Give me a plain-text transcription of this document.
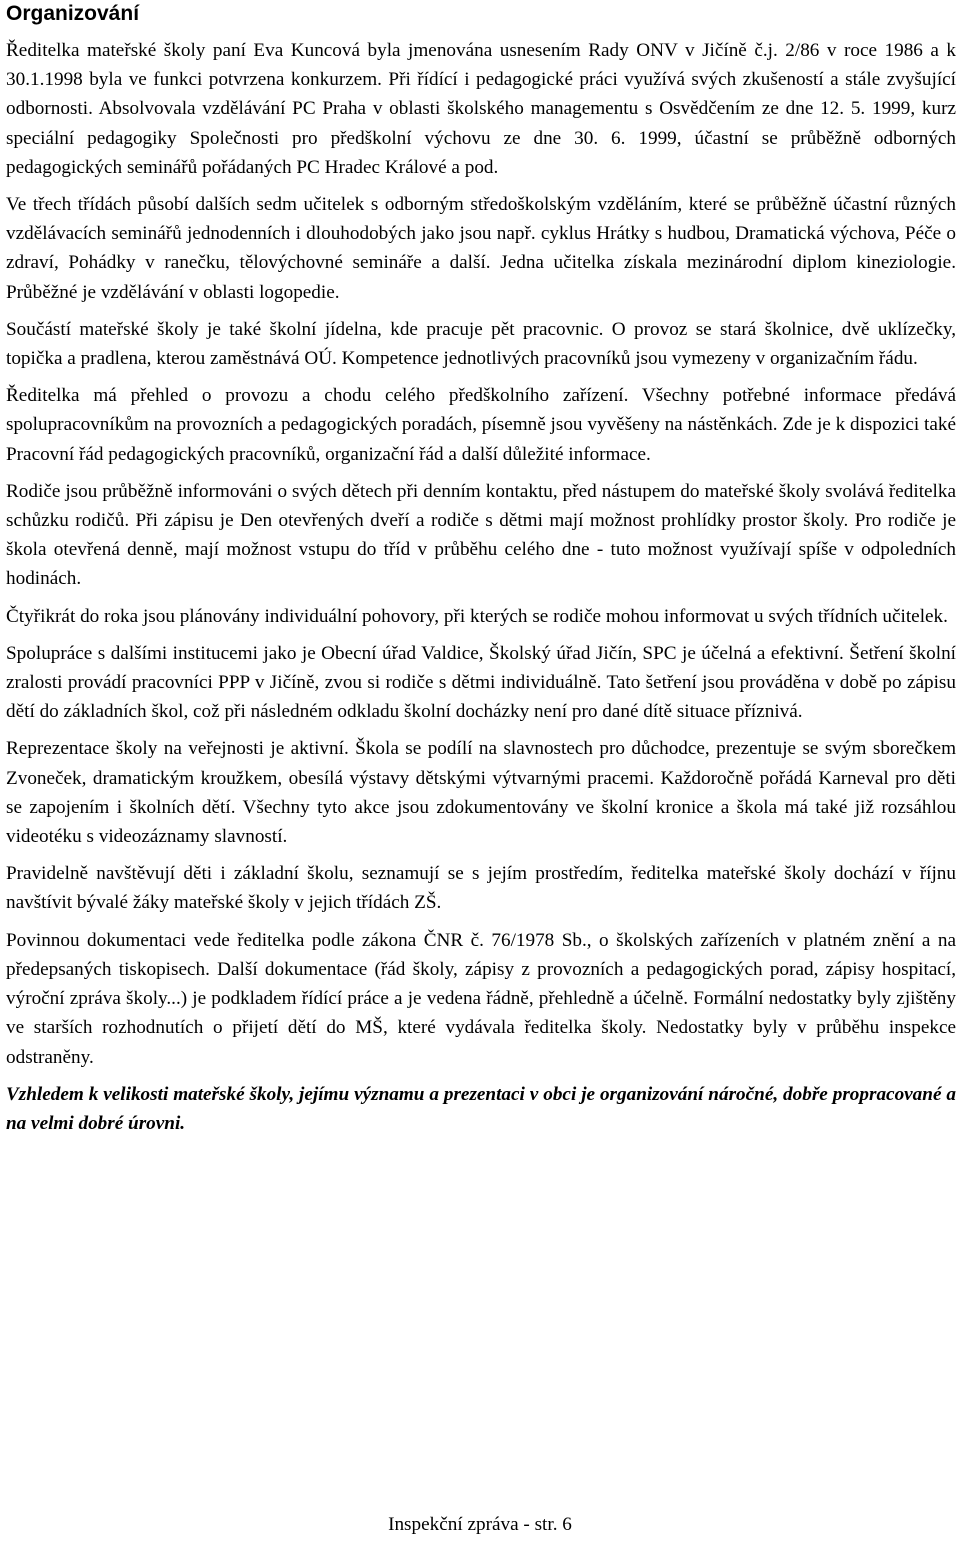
Organizování

Ředitelka mateřské školy paní Eva Kuncová byla jmenována usnesením Rady ONV v Jičíně č.j. 2/86 v roce 1986 a k 30.1.1998 byla ve funkci potvrzena konkurzem. Při řídící i pedagogické práci využívá svých zkušeností a stále zvyšující odbornosti. Absolvovala vzdělávání PC Praha v oblasti školského managementu s Osvědčením ze dne 12. 5. 1999, kurz speciální pedagogiky Společnosti pro předškolní výchovu ze dne 30. 6. 1999, účastní se průběžně odborných pedagogických seminářů pořádaných PC Hradec Králové a pod.

Ve třech třídách působí dalších sedm učitelek s odborným středoškolským vzděláním, které se průběžně účastní různých vzdělávacích seminářů jednodenních i dlouhodobých jako jsou např. cyklus Hrátky s hudbou, Dramatická výchova, Péče o zdraví, Pohádky v ranečku, tělovýchovné semináře a další. Jedna učitelka získala mezinárodní diplom kineziologie. Průběžné je vzdělávání v oblasti logopedie.

Součástí mateřské školy je také školní jídelna, kde pracuje pět pracovnic. O provoz se stará školnice, dvě uklízečky, topička a pradlena, kterou zaměstnává OÚ. Kompetence jednotlivých pracovníků jsou vymezeny v organizačním řádu.

Ředitelka má přehled o provozu a chodu celého předškolního zařízení. Všechny potřebné informace předává spolupracovníkům na provozních a pedagogických poradách, písemně jsou vyvěšeny na nástěnkách. Zde je k dispozici také Pracovní řád pedagogických pracovníků, organizační řád a další důležité informace.

Rodiče jsou průběžně informováni o svých dětech při denním kontaktu, před nástupem do mateřské školy svolává ředitelka schůzku rodičů. Při zápisu je Den otevřených dveří a rodiče s dětmi mají možnost prohlídky prostor školy. Pro rodiče je škola otevřená denně, mají možnost vstupu do tříd v průběhu celého dne - tuto možnost využívají spíše v odpoledních hodinách.

Čtyřikrát do roka jsou plánovány individuální pohovory, při kterých se rodiče mohou informovat u svých třídních učitelek.

Spolupráce s dalšími institucemi jako je Obecní úřad Valdice, Školský úřad Jičín, SPC je účelná a efektivní. Šetření školní zralosti provádí pracovníci PPP v Jičíně, zvou si rodiče s dětmi individuálně. Tato šetření jsou prováděna v době po zápisu dětí do základních škol, což při následném odkladu školní docházky není pro dané dítě situace příznivá.

Reprezentace školy na veřejnosti je aktivní. Škola se podílí na slavnostech pro důchodce, prezentuje se svým sborečkem Zvoneček, dramatickým kroužkem, obesílá výstavy dětskými výtvarnými pracemi. Každoročně pořádá Karneval pro děti se zapojením i školních dětí. Všechny tyto akce jsou zdokumentovány ve školní kronice a škola má také již rozsáhlou videotéku s videozáznamy slavností.

Pravidelně navštěvují děti i základní školu, seznamují se s jejím prostředím, ředitelka mateřské školy dochází v říjnu navštívit bývalé žáky mateřské školy v jejich třídách ZŠ.

Povinnou dokumentaci vede ředitelka podle zákona ČNR č. 76/1978 Sb., o školských zařízeních v platném znění a na předepsaných tiskopisech. Další dokumentace (řád školy, zápisy z provozních a pedagogických porad, zápisy hospitací, výroční zpráva školy...) je podkladem řídící práce a je vedena řádně, přehledně a účelně. Formální nedostatky byly zjištěny ve starších rozhodnutích o přijetí dětí do MŠ, které vydávala ředitelka školy. Nedostatky byly v průběhu inspekce odstraněny.

Vzhledem k velikosti mateřské školy, jejímu významu a prezentaci v obci je organizování náročné, dobře propracované a na velmi dobré úrovni.

Inspekční zpráva - str. 6
